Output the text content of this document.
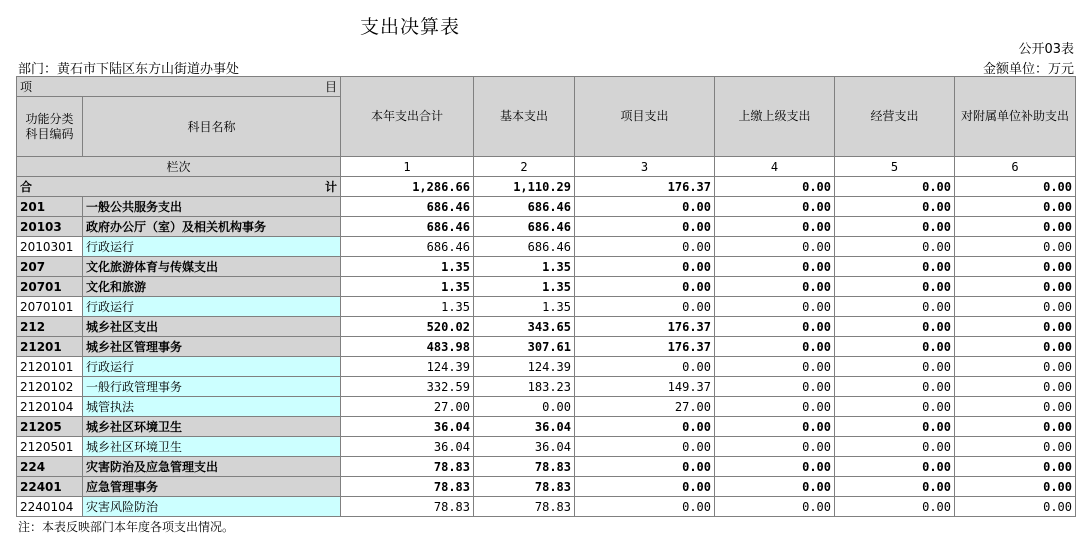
支出决算表
公开03表
部门：黄石市下陆区东方山街道办事处	金额单位：万元
项 目		本年支出合计	基本支出	项目支出	上缴上级支出	经营支出	对附属单位补助支出
功能分类科目编码	科目名称						
栏次		1	2	3	4	5	6

合 计		1,286.66	1,110.29	176.37	0.00	0.00	0.00
201	一般公共服务支出	686.46	686.46	0.00	0.00	0.00	0.00
20103	政府办公厅（室）及相关机构事务	686.46	686.46	0.00	0.00	0.00	0.00
2010301	行政运行	686.46	686.46	0.00	0.00	0.00	0.00
207	文化旅游体育与传媒支出	1.35	1.35	0.00	0.00	0.00	0.00
20701	文化和旅游	1.35	1.35	0.00	0.00	0.00	0.00
2070101	行政运行	1.35	1.35	0.00	0.00	0.00	0.00
212	城乡社区支出	520.02	343.65	176.37	0.00	0.00	0.00
21201	城乡社区管理事务	483.98	307.61	176.37	0.00	0.00	0.00
2120101	行政运行	124.39	124.39	0.00	0.00	0.00	0.00
2120102	一般行政管理事务	332.59	183.23	149.37	0.00	0.00	0.00
2120104	城管执法	27.00	0.00	27.00	0.00	0.00	0.00
21205	城乡社区环境卫生	36.04	36.04	0.00	0.00	0.00	0.00
2120501	城乡社区环境卫生	36.04	36.04	0.00	0.00	0.00	0.00
224	灾害防治及应急管理支出	78.83	78.83	0.00	0.00	0.00	0.00
22401	应急管理事务	78.83	78.83	0.00	0.00	0.00	0.00
2240104	灾害风险防治	78.83	78.83	0.00	0.00	0.00	0.00
注：本表反映部门本年度各项支出情况。
